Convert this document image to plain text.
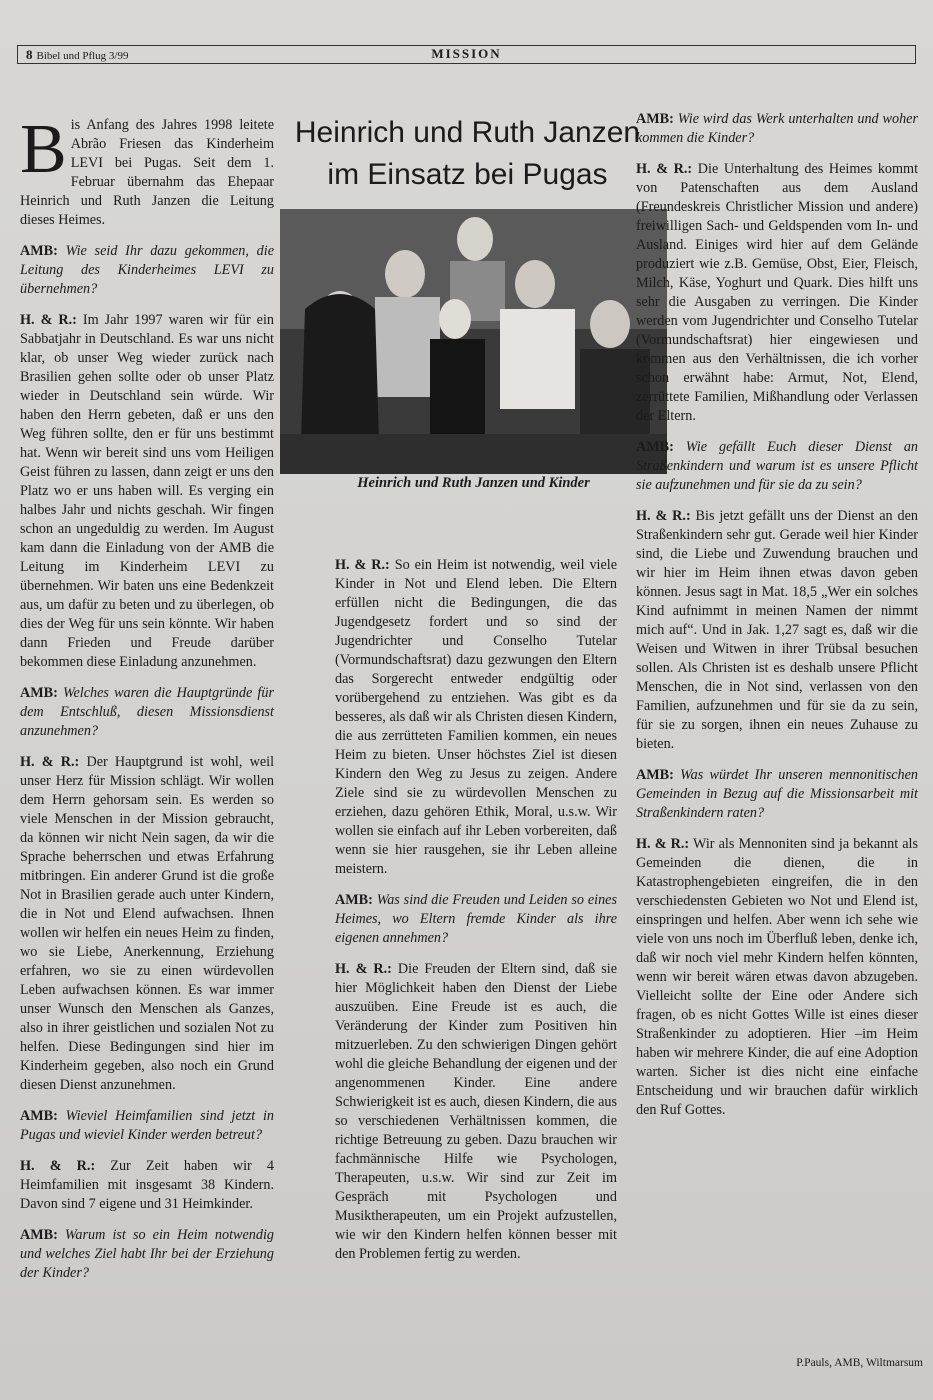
8 Bibel und Pflug 3/99	MISSION

Bis Anfang des Jahres 1998 leitete Abrão Friesen das Kinderheim LEVI bei Pugas. Seit dem 1. Februar übernahm das Ehepaar Heinrich und Ruth Janzen die Leitung dieses Heimes.

AMB: Wie seid Ihr dazu gekommen, die Leitung des Kinderheimes LEVI zu übernehmen?

H. & R.: Im Jahr 1997 waren wir für ein Sabbatjahr in Deutschland. Es war uns nicht klar, ob unser Weg wieder zurück nach Brasilien gehen sollte oder ob unser Platz wieder in Deutschland sein würde. Wir haben den Herrn gebeten, daß er uns den Weg führen sollte, den er für uns bestimmt hat. Wenn wir bereit sind uns vom Heiligen Geist führen zu lassen, dann zeigt er uns den Platz wo er uns haben will. Es verging ein halbes Jahr und nichts geschah. Wir fingen schon an ungeduldig zu werden. Im August kam dann die Einladung von der AMB die Leitung im Kinderheim LEVI zu übernehmen. Wir baten uns eine Bedenkzeit aus, um dafür zu beten und zu überlegen, ob dies der Weg für uns sein könnte. Wir haben dann Frieden und Freude darüber bekommen diese Einladung anzunehmen.

AMB: Welches waren die Hauptgründe für dem Entschluß, diesen Missionsdienst anzunehmen?

H. & R.: Der Hauptgrund ist wohl, weil unser Herz für Mission schlägt. Wir wollen dem Herrn gehorsam sein. Es werden so viele Menschen in der Mission gebraucht, da können wir nicht Nein sagen, da wir die Sprache beherrschen und etwas Erfahrung mitbringen. Ein anderer Grund ist die große Not in Brasilien gerade auch unter Kindern, die in Not und Elend aufwachsen. Ihnen wollen wir helfen ein neues Heim zu finden, wo sie Liebe, Anerkennung, Erziehung erfahren, wo sie zu einen würdevollen Leben aufwachsen können. Es war immer unser Wunsch den Menschen als Ganzes, also in ihrer geistlichen und sozialen Not zu helfen. Diese Bedingungen sind hier im Kinderheim gegeben, also noch ein Grund diesen Dienst anzunehmen.

AMB: Wieviel Heimfamilien sind jetzt in Pugas und wieviel Kinder werden betreut?

H. & R.: Zur Zeit haben wir 4 Heimfamilien mit insgesamt 38 Kindern. Davon sind 7 eigene und 31 Heimkinder.

AMB: Warum ist so ein Heim notwendig und welches Ziel habt Ihr bei der Erziehung der Kinder?

Heinrich und Ruth Janzen im Einsatz bei Pugas
Heinrich und Ruth Janzen und Kinder

H. & R.: So ein Heim ist notwendig, weil viele Kinder in Not und Elend leben. Die Eltern erfüllen nicht die Bedingungen, die das Jugendgesetz fordert und so sind der Jugendrichter und Conselho Tutelar (Vormundschaftsrat) dazu gezwungen den Eltern das Sorgerecht entweder endgültig oder vorübergehend zu entziehen. Was gibt es da besseres, als daß wir als Christen diesen Kindern, die aus zerrütteten Familien kommen, ein neues Heim zu bieten. Unser höchstes Ziel ist diesen Kindern den Weg zu Jesus zu zeigen. Andere Ziele sind sie zu würdevollen Menschen zu erziehen, dazu gehören Ethik, Moral, u.s.w. Wir wollen sie einfach auf ihr Leben vorbereiten, daß wenn sie hier rausgehen, sie ihr Leben alleine meistern.

AMB: Was sind die Freuden und Leiden so eines Heimes, wo Eltern fremde Kinder als ihre eigenen annehmen?

H. & R.: Die Freuden der Eltern sind, daß sie hier Möglichkeit haben den Dienst der Liebe auszuüben. Eine Freude ist es auch, die Veränderung der Kinder zum Positiven hin mitzuerleben. Zu den schwierigen Dingen gehört wohl die gleiche Behandlung der eigenen und der angenommenen Kinder. Eine andere Schwierigkeit ist es auch, diesen Kindern, die aus so verschiedenen Verhältnissen kommen, die richtige Betreuung zu geben. Dazu brauchen wir fachmännische Hilfe wie Psychologen, Therapeuten, u.s.w. Wir sind zur Zeit im Gespräch mit Psychologen und Musiktherapeuten, um ein Projekt aufzustellen, wie wir den Kindern helfen können besser mit den Problemen fertig zu werden.

AMB: Wie wird das Werk unterhalten und woher kommen die Kinder?

H. & R.: Die Unterhaltung des Heimes kommt von Patenschaften aus dem Ausland (Freundeskreis Christlicher Mission und andere) freiwilligen Sach- und Geldspenden vom In- und Ausland. Einiges wird hier auf dem Gelände produziert wie z.B. Gemüse, Obst, Eier, Fleisch, Milch, Käse, Yoghurt und Quark. Dies hilft uns sehr die Ausgaben zu verringen. Die Kinder werden vom Jugendrichter und Conselho Tutelar (Vormundschaftsrat) hier eingewiesen und kommen aus den Verhältnissen, die ich vorher schon erwähnt habe: Armut, Not, Elend, zerrüttete Familien, Mißhandlung oder Verlassen der Eltern.

AMB: Wie gefällt Euch dieser Dienst an Straßenkindern und warum ist es unsere Pflicht sie aufzunehmen und für sie da zu sein?

H. & R.: Bis jetzt gefällt uns der Dienst an den Straßenkindern sehr gut. Gerade weil hier Kinder sind, die Liebe und Zuwendung brauchen und wir hier im Heim ihnen etwas davon geben können. Jesus sagt in Mat. 18,5 „Wer ein solches Kind aufnimmt in meinen Namen der nimmt mich auf“. Und in Jak. 1,27 sagt es, daß wir die Weisen und Witwen in ihrer Trübsal besuchen sollen. Als Christen ist es deshalb unsere Pflicht Menschen, die in Not sind, verlassen von den Familien, aufzunehmen und für sie da zu sein, für sie zu sorgen, ihnen ein neues Zuhause zu bieten.

AMB: Was würdet Ihr unseren mennonitischen Gemeinden in Bezug auf die Missionsarbeit mit Straßenkindern raten?

H. & R.: Wir als Mennoniten sind ja bekannt als Gemeinden die dienen, die in Katastrophengebieten eingreifen, die in den verschiedensten Gebieten wo Not und Elend ist, einspringen und helfen. Aber wenn ich sehe wie viele von uns noch im Überfluß leben, denke ich, daß wir noch viel mehr Kindern helfen könnten, wenn wir bereit wären etwas davon abzugeben. Vielleicht sollte der Eine oder Andere sich fragen, ob es nicht Gottes Wille ist eines dieser Straßenkinder zu adoptieren. Hier –im Heim haben wir mehrere Kinder, die auf eine Adoption warten. Sicher ist dies nicht eine einfache Entscheidung und wir brauchen dafür wirklich den Ruf Gottes.

P.Pauls, AMB, Wiltmarsum
